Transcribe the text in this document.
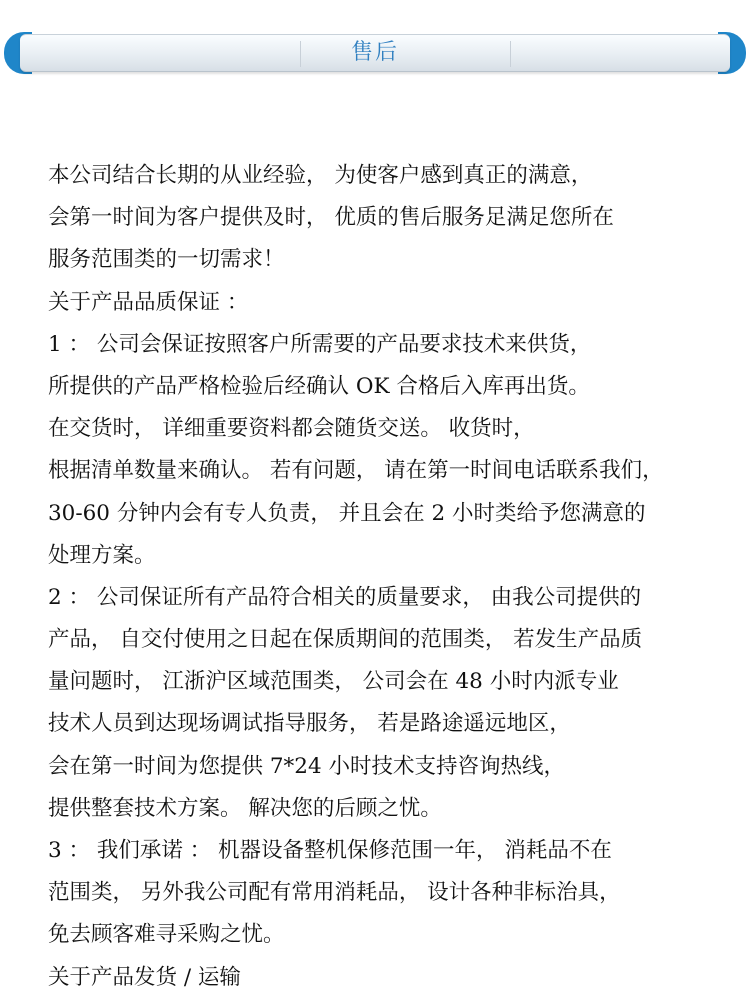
售后

本公司结合长期的从业经验， 为使客户感到真正的满意，

会第一时间为客户提供及时， 优质的售后服务足满足您所在

服务范围类的一切需求！

关于产品品质保证 ：

1 ： 公司会保证按照客户所需要的产品要求技术来供货，

所提供的产品严格检验后经确认 OK 合格后入库再出货。

在交货时， 详细重要资料都会随货交送。 收货时，

根据清单数量来确认。 若有问题， 请在第一时间电话联系我们，

30-60 分钟内会有专人负责， 并且会在 2 小时类给予您满意的

处理方案。

2 ： 公司保证所有产品符合相关的质量要求， 由我公司提供的

产品， 自交付使用之日起在保质期间的范围类， 若发生产品质

量问题时， 江浙沪区域范围类， 公司会在 48 小时内派专业

技术人员到达现场调试指导服务， 若是路途遥远地区，

会在第一时间为您提供 7*24 小时技术支持咨询热线，

提供整套技术方案。 解决您的后顾之忧。

3 ： 我们承诺 ： 机器设备整机保修范围一年， 消耗品不在

范围类， 另外我公司配有常用消耗品， 设计各种非标治具，

免去顾客难寻采购之忧。

关于产品发货 / 运输
